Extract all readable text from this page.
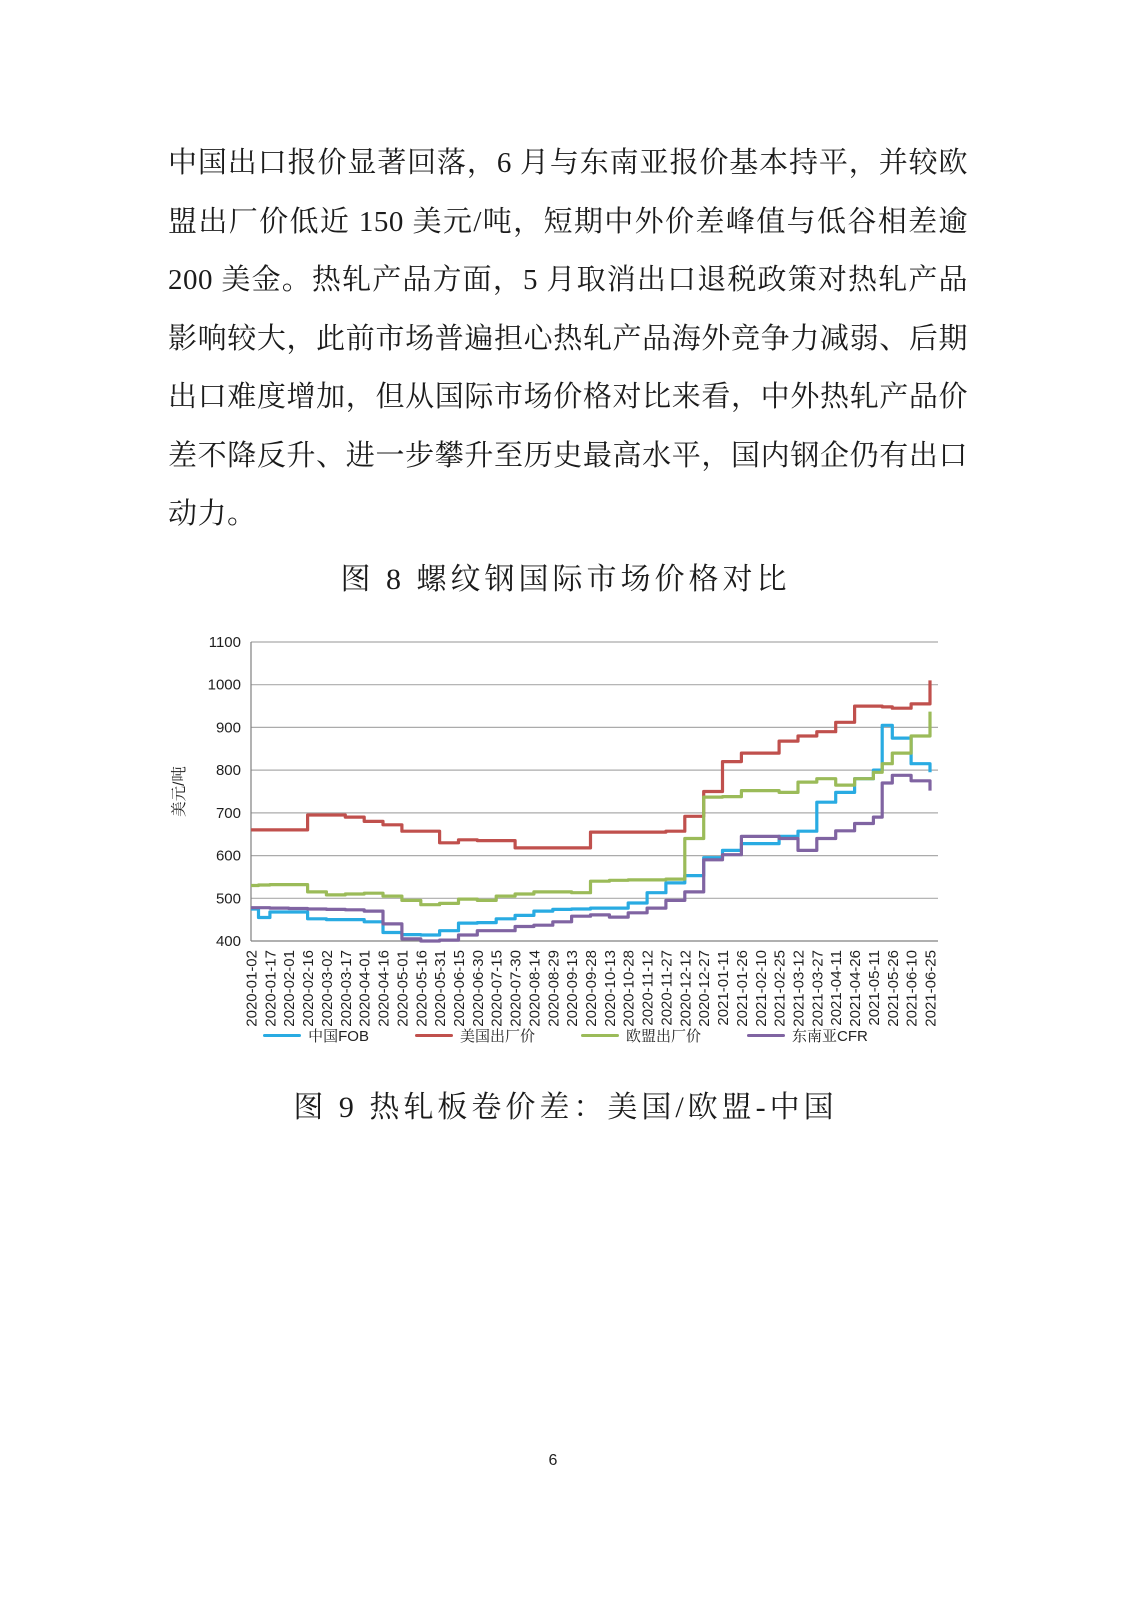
中国出口报价显著回落，6 月与东南亚报价基本持平，并较欧盟出厂价低近 150 美元/吨，短期中外价差峰值与低谷相差逾 200 美金。热轧产品方面，5 月取消出口退税政策对热轧产品影响较大，此前市场普遍担心热轧产品海外竞争力减弱、后期出口难度增加，但从国际市场价格对比来看，中外热轧产品价差不降反升、进一步攀升至历史最高水平，国内钢企仍有出口动力。

图 8 螺纹钢国际市场价格对比
400
500
600
700
800
900
1000
1100
美元/吨
2020-01-02 2020-01-17 2020-02-01 2020-02-16 2020-03-02 2020-03-17 2020-04-01 2020-04-16 2020-05-01 2020-05-16 2020-05-31 2020-06-15 2020-06-30 2020-07-15 2020-07-30 2020-08-14 2020-08-29 2020-09-13 2020-09-28 2020-10-13 2020-10-28 2020-11-12 2020-11-27 2020-12-12 2020-12-27 2021-01-11 2021-01-26 2021-02-10 2021-02-25 2021-03-12 2021-03-27 2021-04-11 2021-04-26 2021-05-11 2021-05-26 2021-06-10 2021-06-25
中国FOB	美国出厂价	欧盟出厂价	东南亚CFR
图 9 热轧板卷价差：美国/欧盟-中国
6
